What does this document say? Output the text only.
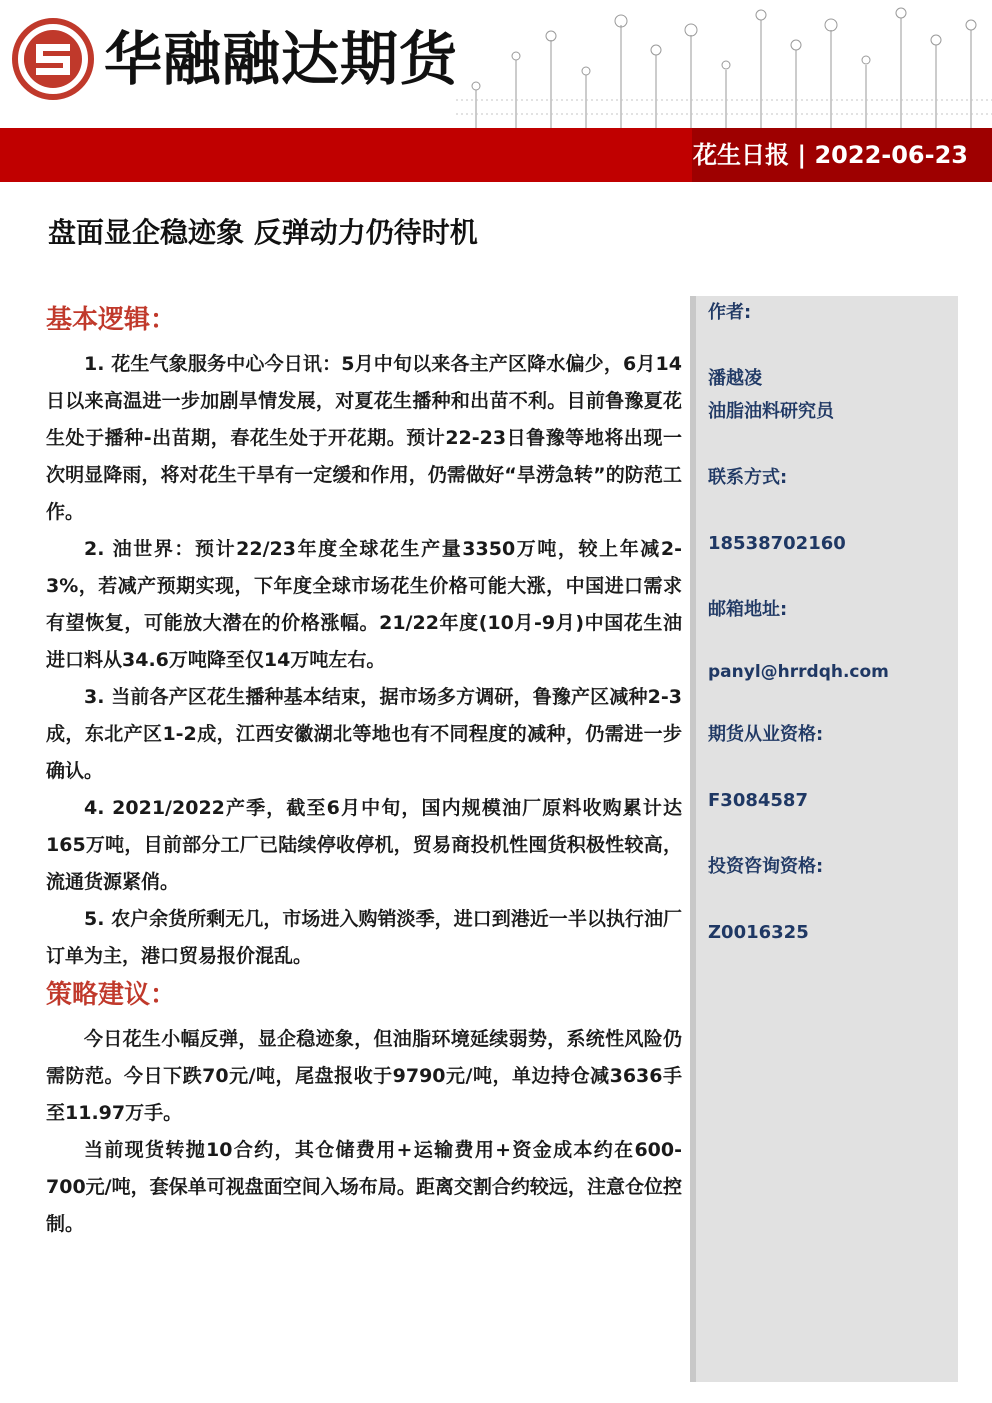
华融融达期货
花生日报 | 2022-06-23
盘面显企稳迹象 反弹动力仍待时机
基本逻辑：

1. 花生气象服务中心今日讯：5月中旬以来各主产区降水偏少，6月14日以来高温进一步加剧旱情发展，对夏花生播种和出苗不利。目前鲁豫夏花生处于播种-出苗期，春花生处于开花期。预计22-23日鲁豫等地将出现一次明显降雨，将对花生干旱有一定缓和作用，仍需做好“旱涝急转”的防范工作。

2. 油世界：预计22/23年度全球花生产量3350万吨，较上年减2-3%，若减产预期实现，下年度全球市场花生价格可能大涨，中国进口需求有望恢复，可能放大潜在的价格涨幅。21/22年度(10月-9月)中国花生油进口料从34.6万吨降至仅14万吨左右。

3. 当前各产区花生播种基本结束，据市场多方调研，鲁豫产区减种2-3成，东北产区1-2成，江西安徽湖北等地也有不同程度的减种，仍需进一步确认。

4. 2021/2022产季，截至6月中旬，国内规模油厂原料收购累计达165万吨，目前部分工厂已陆续停收停机，贸易商投机性囤货积极性较高，流通货源紧俏。

5. 农户余货所剩无几，市场进入购销淡季，进口到港近一半以执行油厂订单为主，港口贸易报价混乱。

策略建议：

今日花生小幅反弹，显企稳迹象，但油脂环境延续弱势，系统性风险仍需防范。今日下跌70元/吨，尾盘报收于9790元/吨，单边持仓减3636手至11.97万手。

当前现货转抛10合约，其仓储费用+运输费用+资金成本约在600-700元/吨，套保单可视盘面空间入场布局。距离交割合约较远，注意仓位控制。

作者:
潘越凌
油脂油料研究员
联系方式:
18538702160
邮箱地址:
panyl@hrrdqh.com
期货从业资格:
F3084587
投资咨询资格:
Z0016325
